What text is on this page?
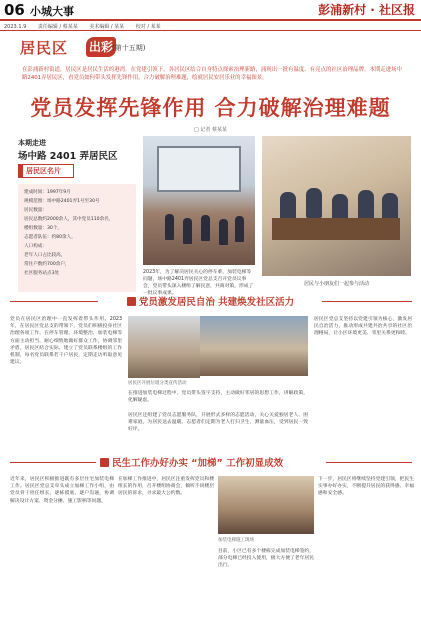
06 小城大事	彭浦新村 · 社区报
2023.1.9 责任编辑 / 蔡某某 美术编辑 / 某某 校对 / 某某
居民区 出彩 (第十五期)
在彭浦新村街道，居民区是居民生活的港湾。在党建引领下，各居民区结合自身特点探索治理新路，涌现出一批有温度、有亮点的社区治理品牌。本期走进场中路2401弄居民区，看党员如何带头发挥先锋作用，合力破解治理难题，绘就居民安居乐业的幸福图景。
党员发挥先锋作用 合力破解治理难题
□ 记者 蔡某某
本期走进
场中路 2401 弄居民区
居民区名片
建成时间：1997年9月
规模范围：场中路2401弄1号至30号
居民数量：
居民总数约2000余人，其中党员110余名，
楼组数量：30个，
志愿者队伍：约80余人，
人口构成：
老年人口占比较高，
常住户数约700余户，
社区服务站点3处	2023年，为了解决居民关心的停车难、加装电梯等问题，场中路2401弄居民区党总支召开党员议事会，党员带头深入楼组了解民意，共商对策，形成了一批议事成果。
居民与小朋友们一起参与活动
党员激发居民自治 共建焕发社区活力
党员在居民区治理中一直发挥着带头作用。2023年，在居民区党总支的带领下，党员们积极投身社区治理各项工作，在停车管理、环境整治、加装电梯等方面主动担当，耐心细致地做好群众工作，协调邻里矛盾。居民区结合实际，建立了党员联系楼组的工作机制，每名党员联系若干户居民，定期走访听取意见建议。
居民区开展垃圾分类宣传活动
在推进加装电梯过程中，党员带头签字支持，主动做好邻居的思想工作，讲解政策，化解疑虑。
居民区还组建了党员志愿服务队，开展形式多样的志愿活动，关心关爱独居老人、困难家庭，为居民送去温暖。志愿者们定期为老人打扫卫生、测量血压，受到居民一致好评。
居民区党总支坚持以党建引领为核心，激发居民自治活力，推动形成共建共治共享的社区治理格局，让小区环境更美、邻里关系更和睦。
民生工作办好办实 “加梯” 工作初显成效
近年来，居民区积极推进既有多层住宅加装电梯工作。居民区党总支牵头成立加梯工作小组，由党员骨干担任组长，逐栋摸底、逐户沟通，协调解决设计方案、资金分摊、施工影响等问题。
在加梯工作推进中，居民区注重发挥党员和楼组长的作用，召开楼组协商会，倾听不同楼层居民的诉求，寻求最大公约数。
加装电梯施工现场
目前，小区已有多个楼栋完成加装电梯签约，部分电梯已经投入使用，极大方便了老年居民出行。
下一步，居民区将继续坚持党建引领，把民生实事办好办实，不断提升居民的获得感、幸福感和安全感。
